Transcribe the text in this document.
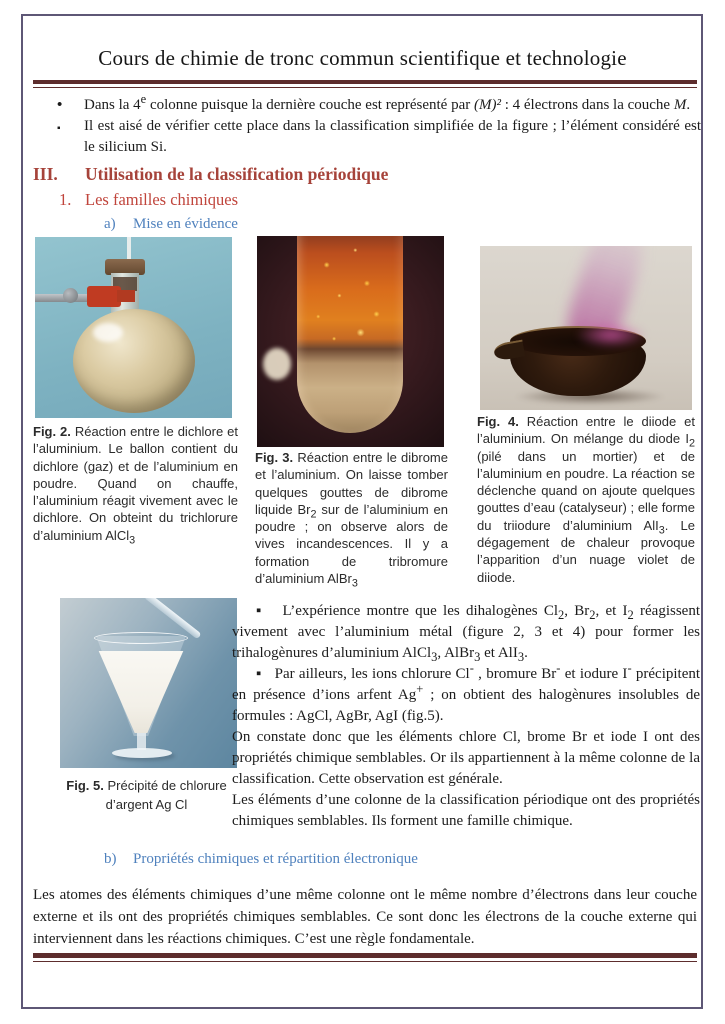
Cours de chimie de tronc commun scientifique et technologie
•	Dans la 4e colonne puisque la dernière couche est représenté par (M)² : 4 électrons dans la couche M.
▪	Il est aisé de vérifier cette place dans la classification simplifiée de la figure ; l’élément considéré est le silicium Si.
III.	Utilisation de la classification périodique
1. Les familles chimiques
a)	Mise en évidence
Fig. 2. Réaction entre le dichlore et l’aluminium. Le ballon contient du dichlore (gaz) et de l’aluminium en poudre. Quand on chauffe, l’aluminium réagit vivement avec le dichlore. On obteint du trichlorure d’aluminium AlCl$_3$
Fig. 3. Réaction entre le dibrome et l’aluminium. On laisse tomber quelques gouttes de dibrome liquide $Br_2$ sur de l’aluminium en poudre ; on observe alors de vives incandescences. Il y a formation de tribromure d’aluminium AlBr$_3$
Fig. 4. Réaction entre le diiode et l’aluminium. On mélange du diode $I_2$ (pilé dans un mortier) et de l’aluminium en poudre. La réaction se déclenche quand on ajoute quelques gouttes d’eau (catalyseur) ; elle forme du triiodure d’aluminium AlI$_3$. Le dégagement de chaleur provoque l’apparition d’un nuage violet de diiode.
Fig. 5. Précipité de chlorure d’argent Ag Cl

▪   L’expérience montre que les dihalogènes $Cl_2$, $Br_2$, et $I_2$ réagissent vivement avec l’aluminium métal (figure 2, 3 et 4) pour former les trihalogènures d’aluminium AlCl$_3$, AlBr$_3$ et AlI$_3$.

▪   Par ailleurs, les ions chlorure Cl- , bromure Br- et iodure I- précipitent en présence d’ions arfent Ag+ ; on obtient des halogènures insolubles de formules : AgCl, AgBr, AgI (fig.5).

On constate donc que les éléments chlore Cl, brome Br et iode I ont des propriétés chimique semblables. Or ils appartiennent à la même colonne de la classification. Cette observation est générale.

Les éléments d’une colonne de la classification périodique ont des propriétés chimiques semblables. Ils forment une famille chimique.

b)	Propriétés chimiques et répartition électronique
Les atomes des éléments chimiques d’une même colonne ont le même nombre d’électrons dans leur couche externe et ils ont des propriétés chimiques semblables. Ce sont donc les électrons de la couche externe qui interviennent dans les réactions chimiques. C’est une règle fondamentale.
